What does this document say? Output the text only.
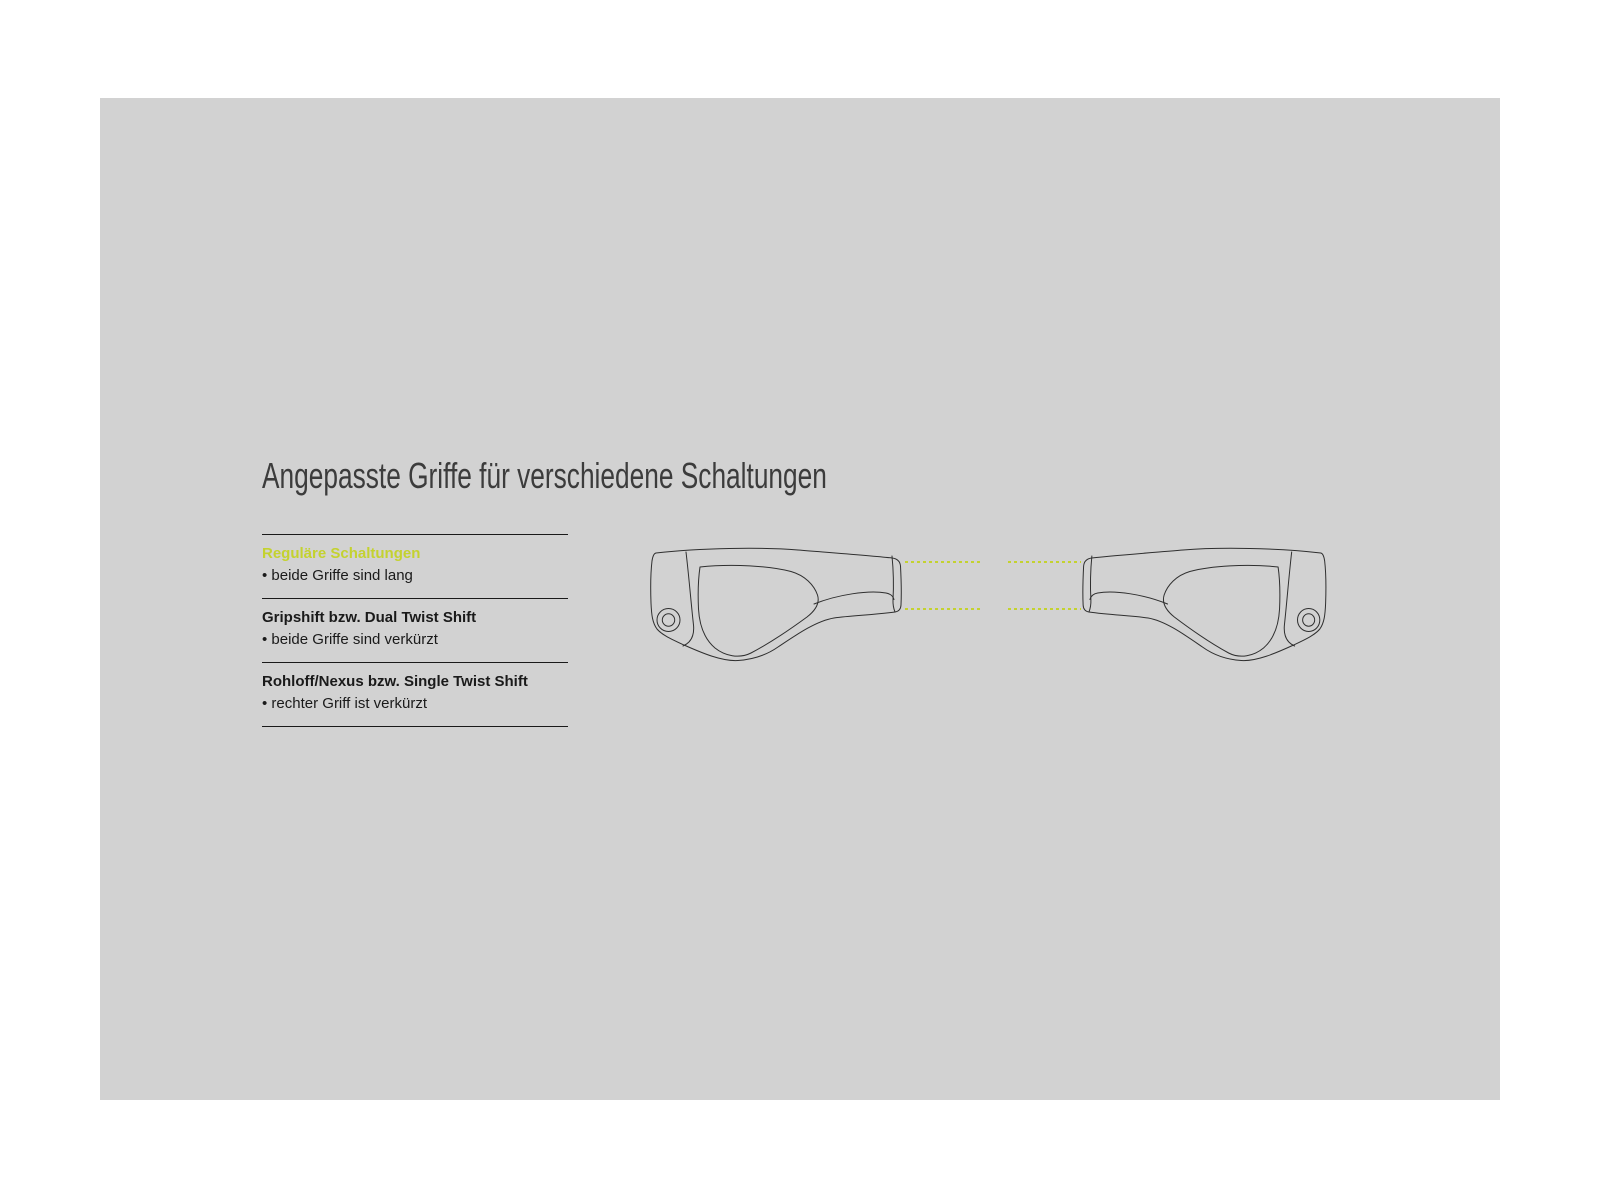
Angepasste Griffe für verschiedene Schaltungen
Reguläre Schaltungen
• beide Griffe sind lang
Gripshift bzw. Dual Twist Shift
• beide Griffe sind verkürzt
Rohloff/Nexus bzw. Single Twist Shift
• rechter Griff ist verkürzt
